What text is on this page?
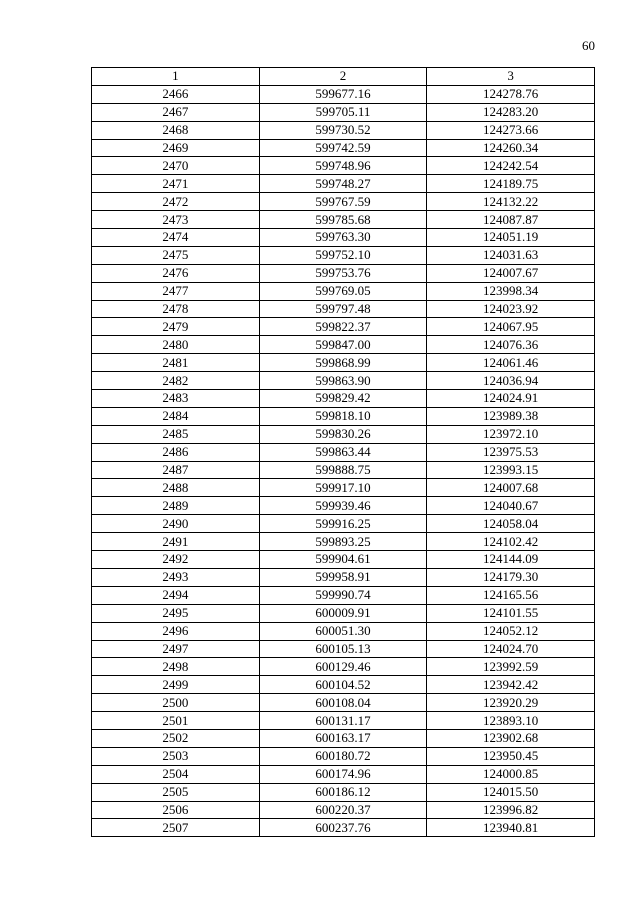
60
1	2	3
2466	599677.16	124278.76
2467	599705.11	124283.20
2468	599730.52	124273.66
2469	599742.59	124260.34
2470	599748.96	124242.54
2471	599748.27	124189.75
2472	599767.59	124132.22
2473	599785.68	124087.87
2474	599763.30	124051.19
2475	599752.10	124031.63
2476	599753.76	124007.67
2477	599769.05	123998.34
2478	599797.48	124023.92
2479	599822.37	124067.95
2480	599847.00	124076.36
2481	599868.99	124061.46
2482	599863.90	124036.94
2483	599829.42	124024.91
2484	599818.10	123989.38
2485	599830.26	123972.10
2486	599863.44	123975.53
2487	599888.75	123993.15
2488	599917.10	124007.68
2489	599939.46	124040.67
2490	599916.25	124058.04
2491	599893.25	124102.42
2492	599904.61	124144.09
2493	599958.91	124179.30
2494	599990.74	124165.56
2495	600009.91	124101.55
2496	600051.30	124052.12
2497	600105.13	124024.70
2498	600129.46	123992.59
2499	600104.52	123942.42
2500	600108.04	123920.29
2501	600131.17	123893.10
2502	600163.17	123902.68
2503	600180.72	123950.45
2504	600174.96	124000.85
2505	600186.12	124015.50
2506	600220.37	123996.82
2507	600237.76	123940.81
